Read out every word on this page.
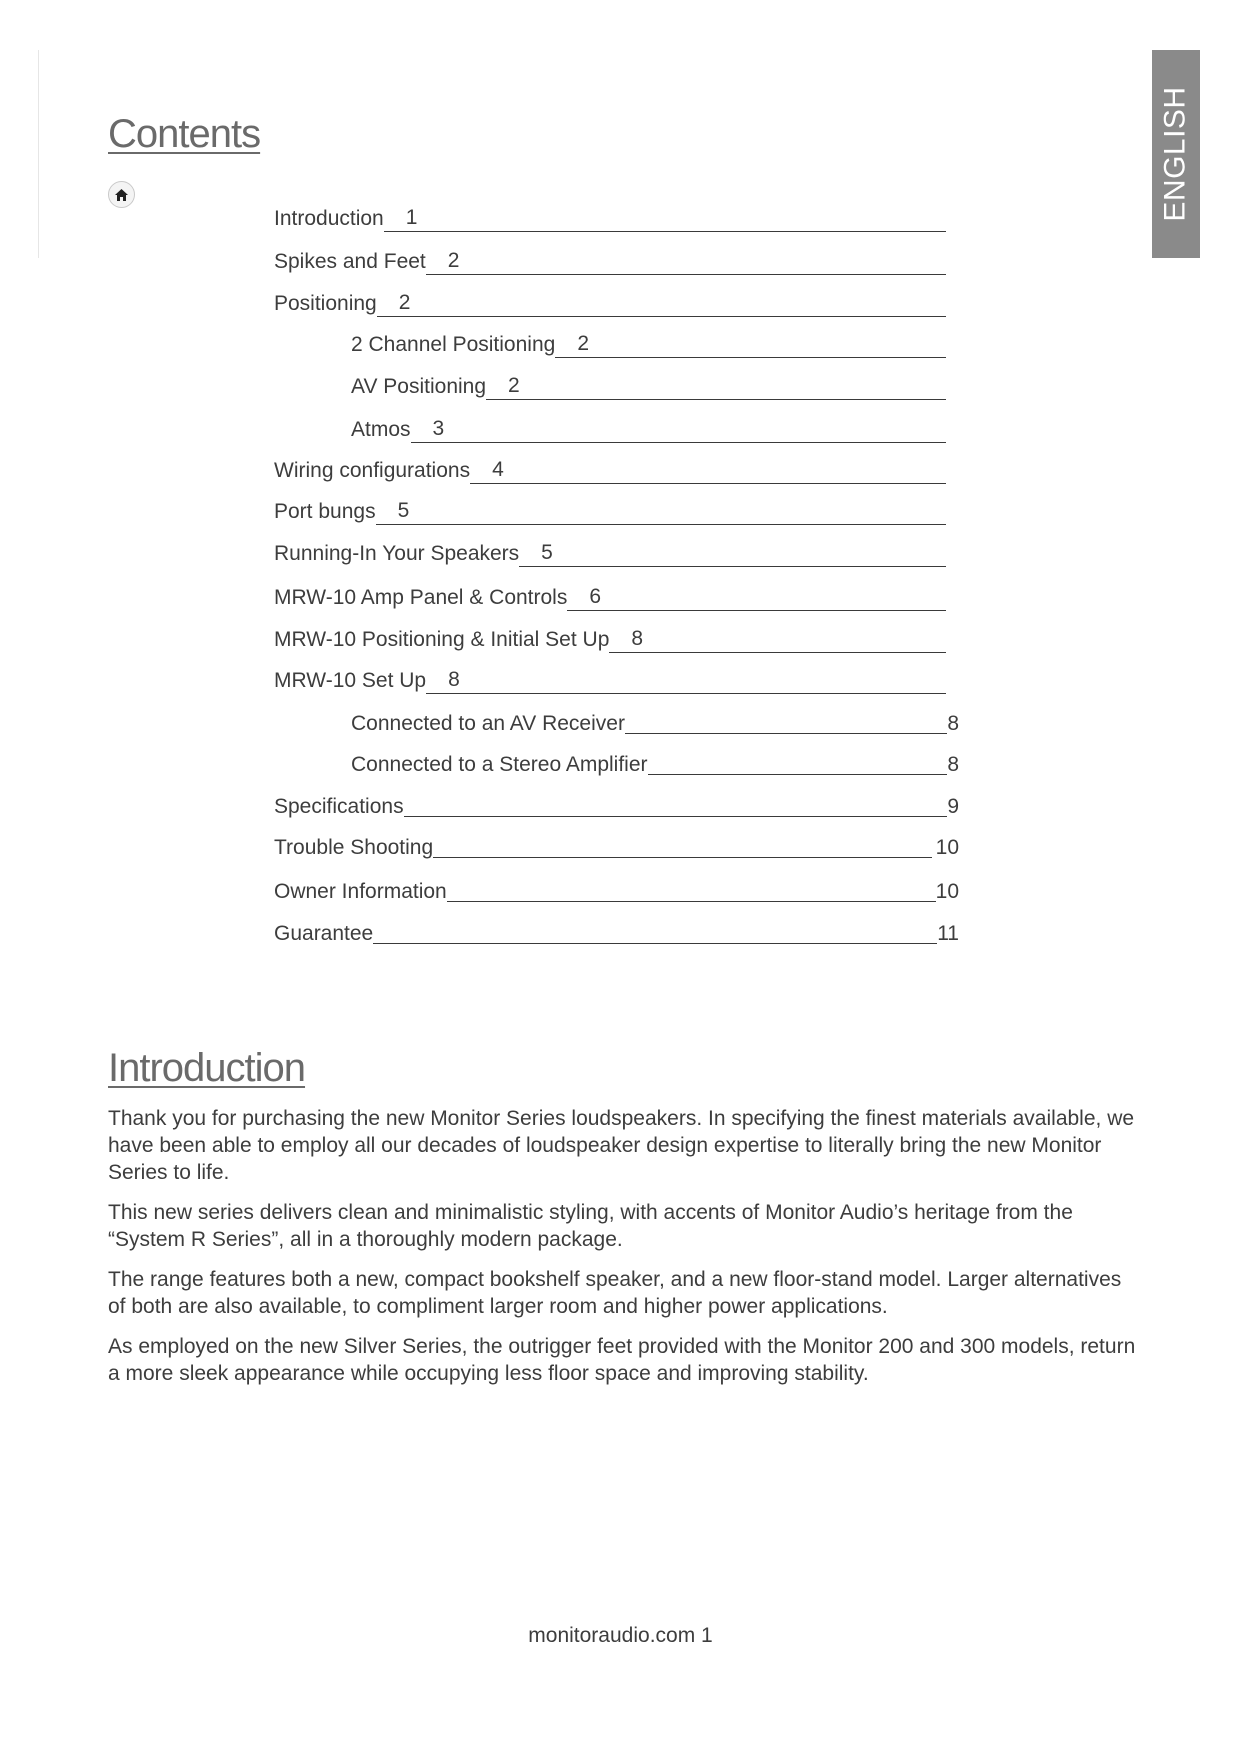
ENGLISH
Contents
Introduction	1
Spikes and Feet	2
Positioning	2
2 Channel Positioning	2
AV Positioning	2
Atmos	3
Wiring configurations	4
Port bungs	5
Running-In Your Speakers	5
MRW-10 Amp Panel & Controls	6
MRW-10 Positioning & Initial Set Up	8
MRW-10 Set Up	8
Connected to an AV Receiver	8
Connected to a Stereo Amplifier	8
Specifications	9
Trouble Shooting	10
Owner Information	10
Guarantee	11
Introduction

Thank you for purchasing the new Monitor Series loudspeakers. In specifying the finest materials available, we have been able to employ all our decades of loudspeaker design expertise to literally bring the new Monitor Series to life.

This new series delivers clean and minimalistic styling, with accents of Monitor Audio’s heritage from the “System R Series”, all in a thoroughly modern package.

The range features both a new, compact bookshelf speaker, and a new floor-stand model. Larger alternatives of both are also available, to compliment larger room and higher power applications.

As employed on the new Silver Series, the outrigger feet provided with the Monitor 200 and 300 models, return a more sleek appearance while occupying less floor space and improving stability.

monitoraudio.com 1
